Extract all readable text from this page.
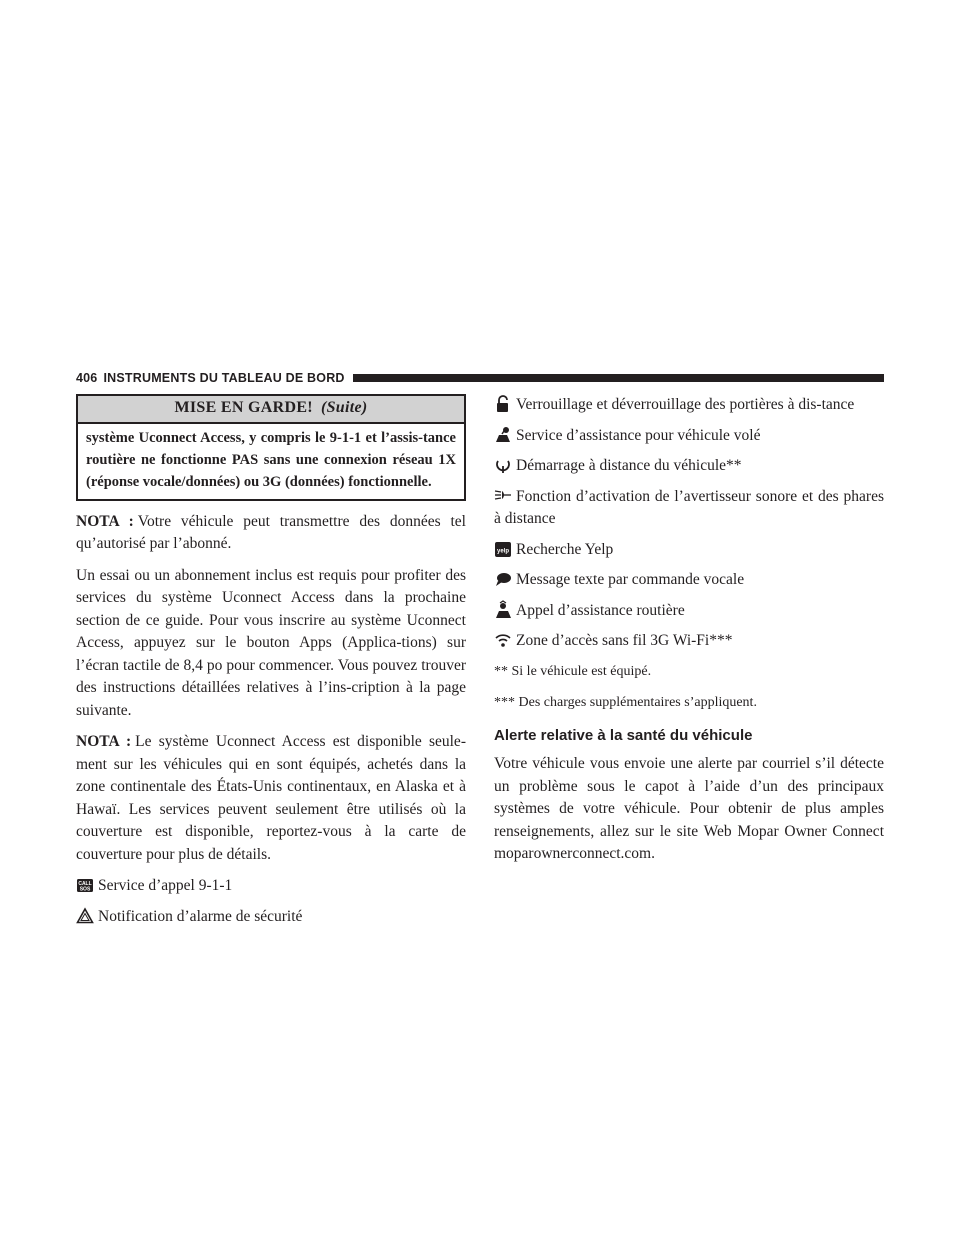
406 INSTRUMENTS DU TABLEAU DE BORD
MISE EN GARDE! (Suite)
système Uconnect Access, y compris le 9-1-1 et l’assis-tance routière ne fonctionne PAS sans une connexion réseau 1X (réponse vocale/données) ou 3G (données) fonctionnelle.

NOTA : Votre véhicule peut transmettre des données tel qu’autorisé par l’abonné.

Un essai ou un abonnement inclus est requis pour profiter des services du système Uconnect Access dans la prochaine section de ce guide. Pour vous inscrire au système Uconnect Access, appuyez sur le bouton Apps (Applica-tions) sur l’écran tactile de 8,4 po pour commencer. Vous pouvez trouver des instructions détaillées relatives à l’ins-cription à la page suivante.

NOTA : Le système Uconnect Access est disponible seule-ment sur les véhicules qui en sont équipés, achetés dans la zone continentale des États-Unis continentaux, en Alaska et à Hawaï. Les services peuvent seulement être utilisés où la couverture est disponible, reportez-vous à la carte de couverture pour plus de détails.

CALL
SOS Service d’appel 9-1-1
Notification d’alarme de sécurité
Verrouillage et déverrouillage des portières à dis-tance
Service d’assistance pour véhicule volé
Démarrage à distance du véhicule**
Fonction d’activation de l’avertisseur sonore et des phares à distance
yelp Recherche Yelp
Message texte par commande vocale
Appel d’assistance routière
Zone d’accès sans fil 3G Wi-Fi***

** Si le véhicule est équipé.

*** Des charges supplémentaires s’appliquent.

Alerte relative à la santé du véhicule

Votre véhicule vous envoie une alerte par courriel s’il détecte un problème sous le capot à l’aide d’un des principaux systèmes de votre véhicule. Pour obtenir de plus amples renseignements, allez sur le site Web Mopar Owner Connect moparownerconnect.com.
